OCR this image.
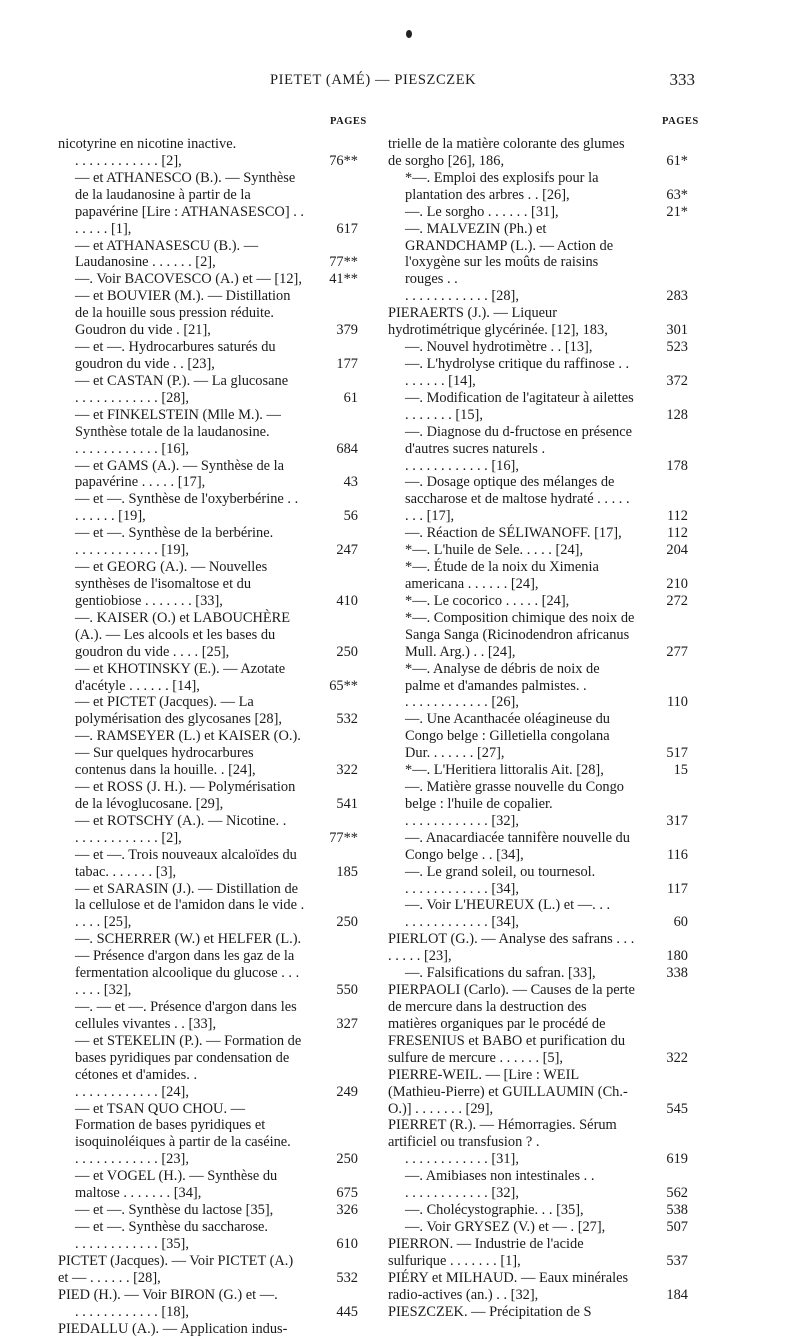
PIETET (AMÉ) — PIESZCZEK	333
PAGES	PAGES
nicotyrine en nicotine inactive.
. . . . . . . . . . . . [2],	76**
— et ATHANESCO (B.). — Synthèse de la laudanosine à partir de la papavérine [Lire : ATHANASESCO] . . . . . . . [1],	617
— et ATHANASESCU (B.). — Laudanosine . . . . . . [2],	77**
—. Voir BACOVESCO (A.) et — [12],	41**
— et BOUVIER (M.). — Distillation de la houille sous pression réduite. Goudron du vide . [21],	379
— et —. Hydrocarbures saturés du goudron du vide . . [23],	177
— et CASTAN (P.). — La glucosane
. . . . . . . . . . . . [28],	61
— et FINKELSTEIN (Mlle M.). — Synthèse totale de la laudanosine.
. . . . . . . . . . . . [16],	684
— et GAMS (A.). — Synthèse de la papavérine . . . . . [17],	43
— et —. Synthèse de l'oxyberbérine . . . . . . . . [19],	56
— et —. Synthèse de la berbérine.
. . . . . . . . . . . . [19],	247
— et GEORG (A.). — Nouvelles synthèses de l'isomaltose et du gentiobiose . . . . . . . [33],	410
—. KAISER (O.) et LABOUCHÈRE (A.). — Les alcools et les bases du goudron du vide . . . . [25],	250
— et KHOTINSKY (E.). — Azotate d'acétyle . . . . . . [14],	65**
— et PICTET (Jacques). — La polymérisation des glycosanes [28],	532
—. RAMSEYER (L.) et KAISER (O.). — Sur quelques hydrocarbures contenus dans la houille. . [24],	322
— et ROSS (J. H.). — Polymérisation de la lévoglucosane. [29],	541
— et ROTSCHY (A.). — Nicotine. .
. . . . . . . . . . . . [2],	77**
— et —. Trois nouveaux alcaloïdes du tabac. . . . . . . [3],	185
— et SARASIN (J.). — Distillation de la cellulose et de l'amidon dans le vide . . . . . [25],	250
—. SCHERRER (W.) et HELFER (L.). — Présence d'argon dans les gaz de la fermentation alcoolique du glucose . . . . . . . [32],	550
—. — et —. Présence d'argon dans les cellules vivantes . . [33],	327
— et STEKELIN (P.). — Formation de bases pyridiques par condensation de cétones et d'amides. .
. . . . . . . . . . . . [24],	249
— et TSAN QUO CHOU. — Formation de bases pyridiques et isoquinoléiques à partir de la caséine.
. . . . . . . . . . . . [23],	250
— et VOGEL (H.). — Synthèse du maltose . . . . . . . [34],	675
— et —. Synthèse du lactose [35],	326
— et —. Synthèse du saccharose.
. . . . . . . . . . . . [35],	610
PICTET (Jacques). — Voir PICTET (A.) et — . . . . . . [28],	532
PIED (H.). — Voir BIRON (G.) et —.
. . . . . . . . . . . . [18],	445
PIEDALLU (A.). — Application indus-
trielle de la matière colorante des glumes de sorgho [26], 186,	61*
*—. Emploi des explosifs pour la plantation des arbres . . [26],	63*
—. Le sorgho . . . . . . [31],	21*
—. MALVEZIN (Ph.) et GRANDCHAMP (L.). — Action de l'oxygène sur les moûts de raisins rouges . .
. . . . . . . . . . . . [28],	283
PIERAERTS (J.). — Liqueur hydrotimétrique glycérinée. [12], 183,	301
—. Nouvel hydrotimètre . . [13],	523
—. L'hydrolyse critique du raffinose . . . . . . . . [14],	372
—. Modification de l'agitateur à ailettes . . . . . . . [15],	128
—. Diagnose du d-fructose en présence d'autres sucres naturels .
. . . . . . . . . . . . [16],	178
—. Dosage optique des mélanges de saccharose et de maltose hydraté . . . . . . . . [17],	112
—. Réaction de SÉLIWANOFF. [17],	112
*—. L'huile de Sele. . . . . [24],	204
*—. Étude de la noix du Ximenia americana . . . . . . [24],	210
*—. Le cocorico . . . . . [24],	272
*—. Composition chimique des noix de Sanga Sanga (Ricinodendron africanus Mull. Arg.) . . [24],	277
*—. Analyse de débris de noix de palme et d'amandes palmistes. .
. . . . . . . . . . . . [26],	110
—. Une Acanthacée oléagineuse du Congo belge : Gilletiella congolana Dur. . . . . . . [27],	517
*—. L'Heritiera littoralis Ait. [28],	15
—. Matière grasse nouvelle du Congo belge : l'huile de copalier.
. . . . . . . . . . . . [32],	317
—. Anacardiacée tannifère nouvelle du Congo belge . . [34],	116
—. Le grand soleil, ou tournesol.
. . . . . . . . . . . . [34],	117
—. Voir L'HEUREUX (L.) et —. . .
. . . . . . . . . . . . [34],	60
PIERLOT (G.). — Analyse des safrans . . . . . . . . [23],	180
—. Falsifications du safran. [33],	338
PIERPAOLI (Carlo). — Causes de la perte de mercure dans la destruction des matières organiques par le procédé de FRESENIUS et BABO et purification du sulfure de mercure . . . . . . [5],	322
PIERRE-WEIL. — [Lire : WEIL (Mathieu-Pierre) et GUILLAUMIN (Ch.-O.)] . . . . . . . [29],	545
PIERRET (R.). — Hémorragies. Sérum artificiel ou transfusion ? .
. . . . . . . . . . . . [31],	619
—. Amibiases non intestinales . .
. . . . . . . . . . . . [32],	562
—. Cholécystographie. . . [35],	538
—. Voir GRYSEZ (V.) et — . [27],	507
PIERRON. — Industrie de l'acide sulfurique . . . . . . . [1],	537
PIÉRY et MILHAUD. — Eaux minérales radio-actives (an.) . . [32],	184
PIESZCZEK. — Précipitation de S
